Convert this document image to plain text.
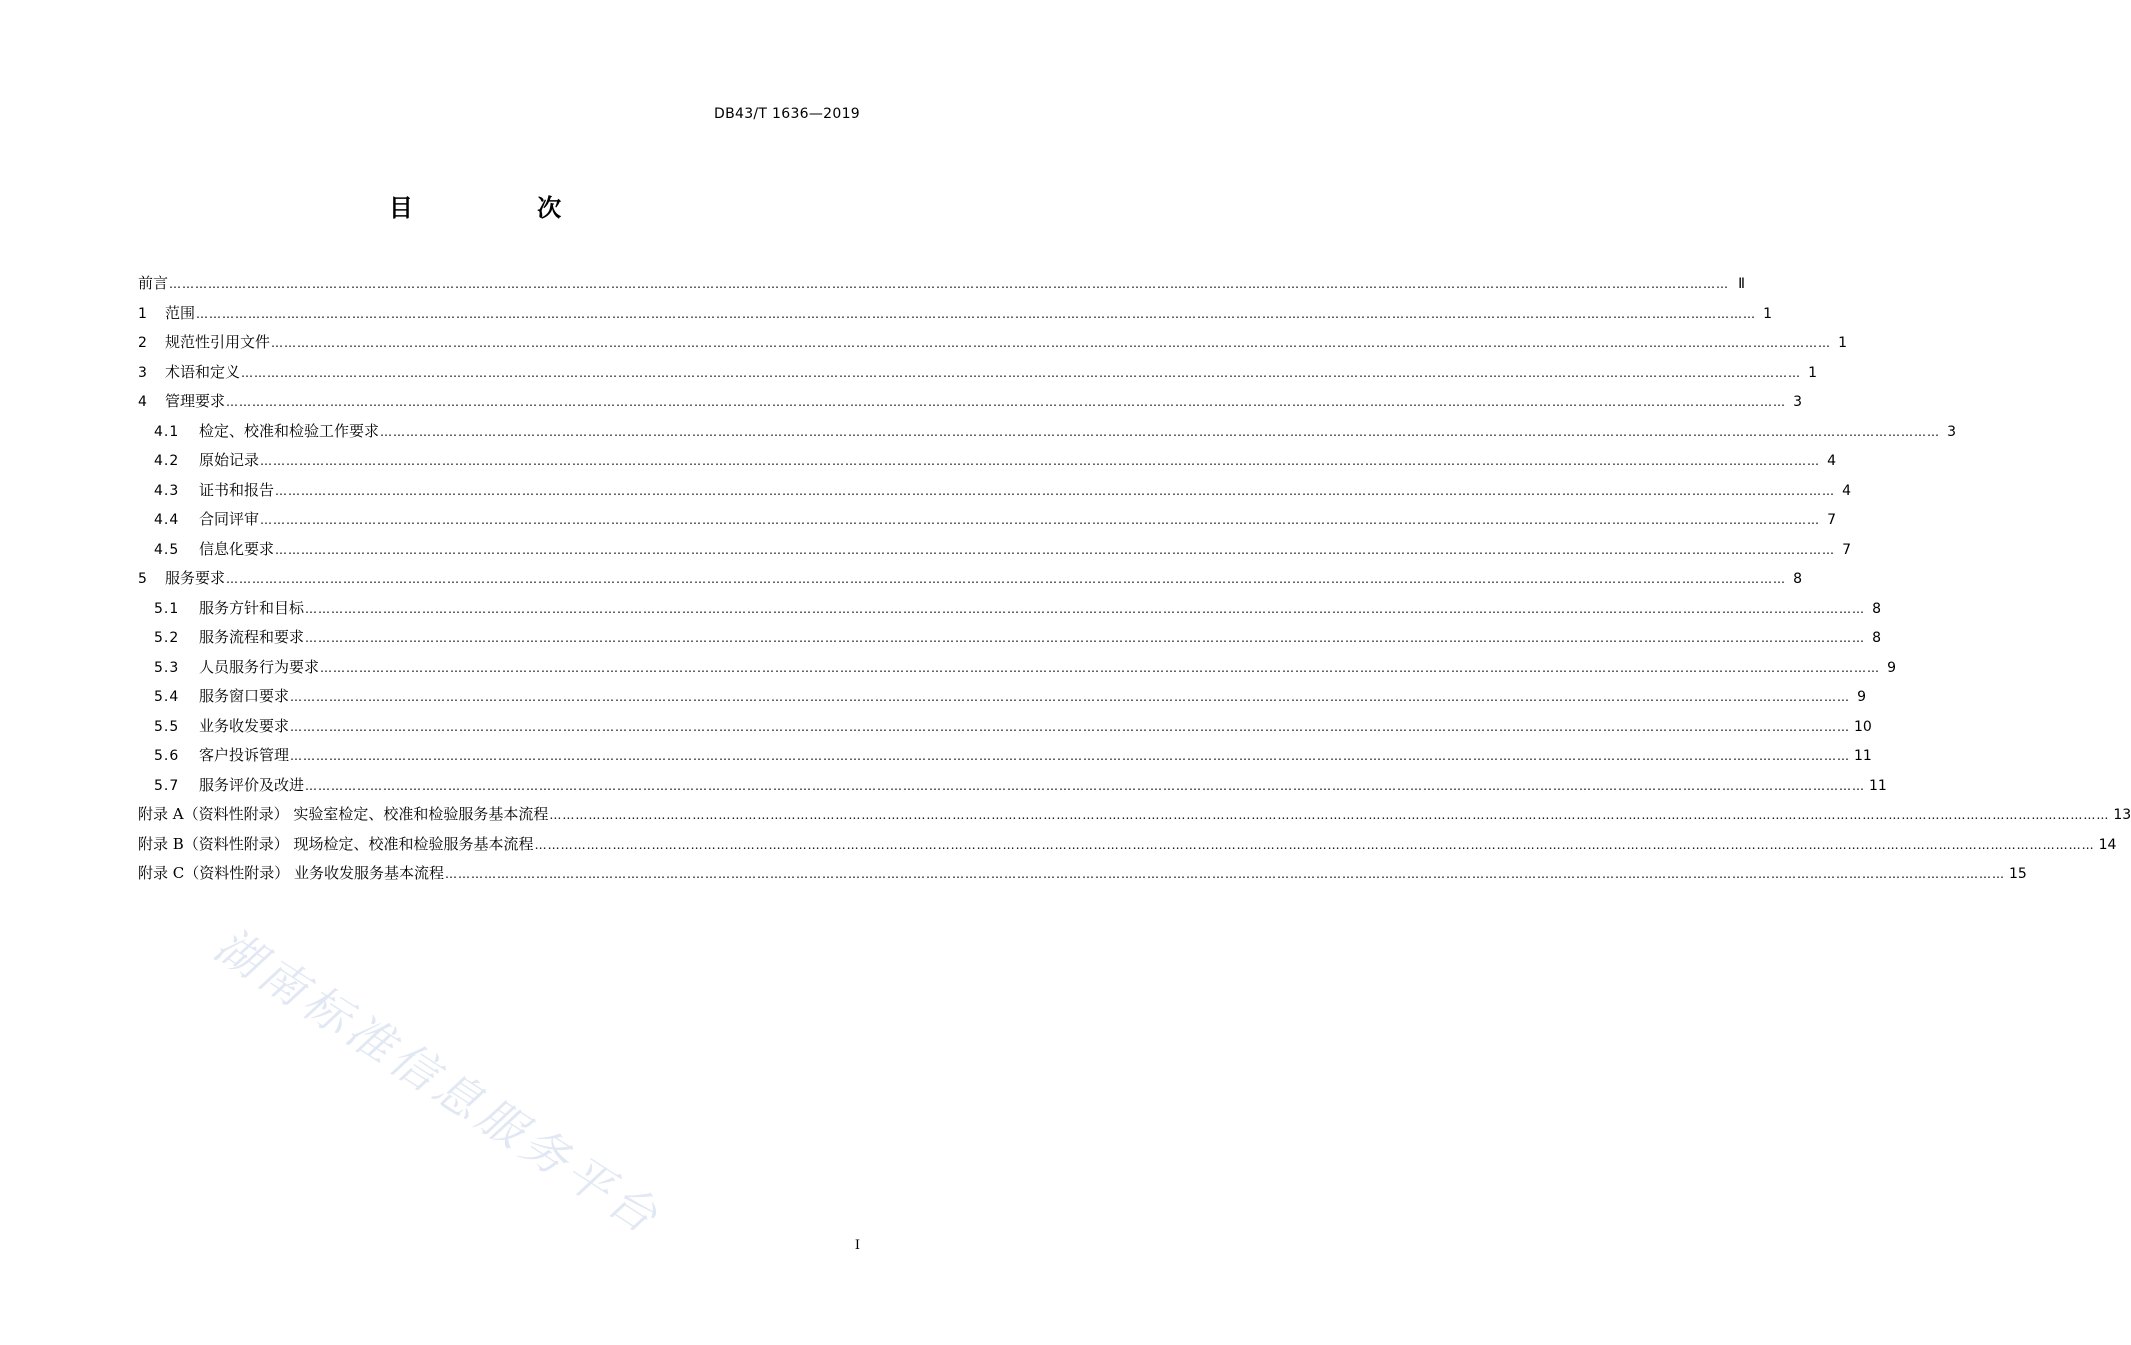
DB43/T 1636—2019
目 次
前言 ……………………………………………………………………………………………………………………………………………………………………………………………………………………………………………………………………………………………………………………………… Ⅱ
1 范围 ……………………………………………………………………………………………………………………………………………………………………………………………………………………………………………………………………………………………………………………………… 1
2 规范性引用文件 ……………………………………………………………………………………………………………………………………………………………………………………………………………………………………………………………………………………………………………………………… 1
3 术语和定义 ……………………………………………………………………………………………………………………………………………………………………………………………………………………………………………………………………………………………………………………………… 1
4 管理要求 ……………………………………………………………………………………………………………………………………………………………………………………………………………………………………………………………………………………………………………………………… 3
4.1 检定、校准和检验工作要求 ……………………………………………………………………………………………………………………………………………………………………………………………………………………………………………………………………………………………………………………………… 3
4.2 原始记录 ……………………………………………………………………………………………………………………………………………………………………………………………………………………………………………………………………………………………………………………………… 4
4.3 证书和报告 ……………………………………………………………………………………………………………………………………………………………………………………………………………………………………………………………………………………………………………………………… 4
4.4 合同评审 ……………………………………………………………………………………………………………………………………………………………………………………………………………………………………………………………………………………………………………………………… 7
4.5 信息化要求 ……………………………………………………………………………………………………………………………………………………………………………………………………………………………………………………………………………………………………………………………… 7
5 服务要求 ……………………………………………………………………………………………………………………………………………………………………………………………………………………………………………………………………………………………………………………………… 8
5.1 服务方针和目标 ……………………………………………………………………………………………………………………………………………………………………………………………………………………………………………………………………………………………………………………………… 8
5.2 服务流程和要求 ……………………………………………………………………………………………………………………………………………………………………………………………………………………………………………………………………………………………………………………………… 8
5.3 人员服务行为要求 ……………………………………………………………………………………………………………………………………………………………………………………………………………………………………………………………………………………………………………………………… 9
5.4 服务窗口要求 ……………………………………………………………………………………………………………………………………………………………………………………………………………………………………………………………………………………………………………………………… 9
5.5 业务收发要求 ……………………………………………………………………………………………………………………………………………………………………………………………………………………………………………………………………………………………………………………………… 10
5.6 客户投诉管理 ……………………………………………………………………………………………………………………………………………………………………………………………………………………………………………………………………………………………………………………………… 11
5.7 服务评价及改进 ……………………………………………………………………………………………………………………………………………………………………………………………………………………………………………………………………………………………………………………………… 11
附录 A（资料性附录） 实验室检定、校准和检验服务基本流程 ……………………………………………………………………………………………………………………………………………………………………………………………………………………………………………………………………………………………………………………………… 13
附录 B（资料性附录） 现场检定、校准和检验服务基本流程 ……………………………………………………………………………………………………………………………………………………………………………………………………………………………………………………………………………………………………………………………… 14
附录 C（资料性附录） 业务收发服务基本流程 ……………………………………………………………………………………………………………………………………………………………………………………………………………………………………………………………………………………………………………………………… 15
湖南标准信息服务平台	I
